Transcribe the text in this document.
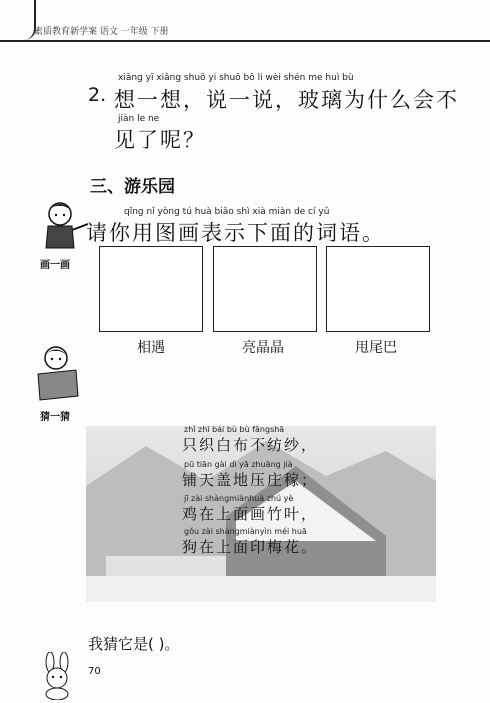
素质教育新学案 语文 一年级 下册
xiǎng yī xiǎng shuō yi shuō bō li wèi shén me huì bù
2. 想一想，说一说，玻璃为什么会不
jiàn le ne
见了呢？
三、游乐园
画一画
qǐng nǐ yòng tú huà biǎo shì xià miàn de cí yǔ
请你用图画表示下面的词语。
相遇	亮晶晶	甩尾巴
猜一猜
zhǐ zhī bái bù bù fǎngshā
只织白布不纺纱，
pū tiān gài dì yā zhuāng jià
铺天盖地压庄稼；
jī zài shàngmiànhuà zhú yè
鸡在上面画竹叶，
gǒu zài shàngmiànyìn méi huā
狗在上面印梅花。
我猜它是( )。
70
